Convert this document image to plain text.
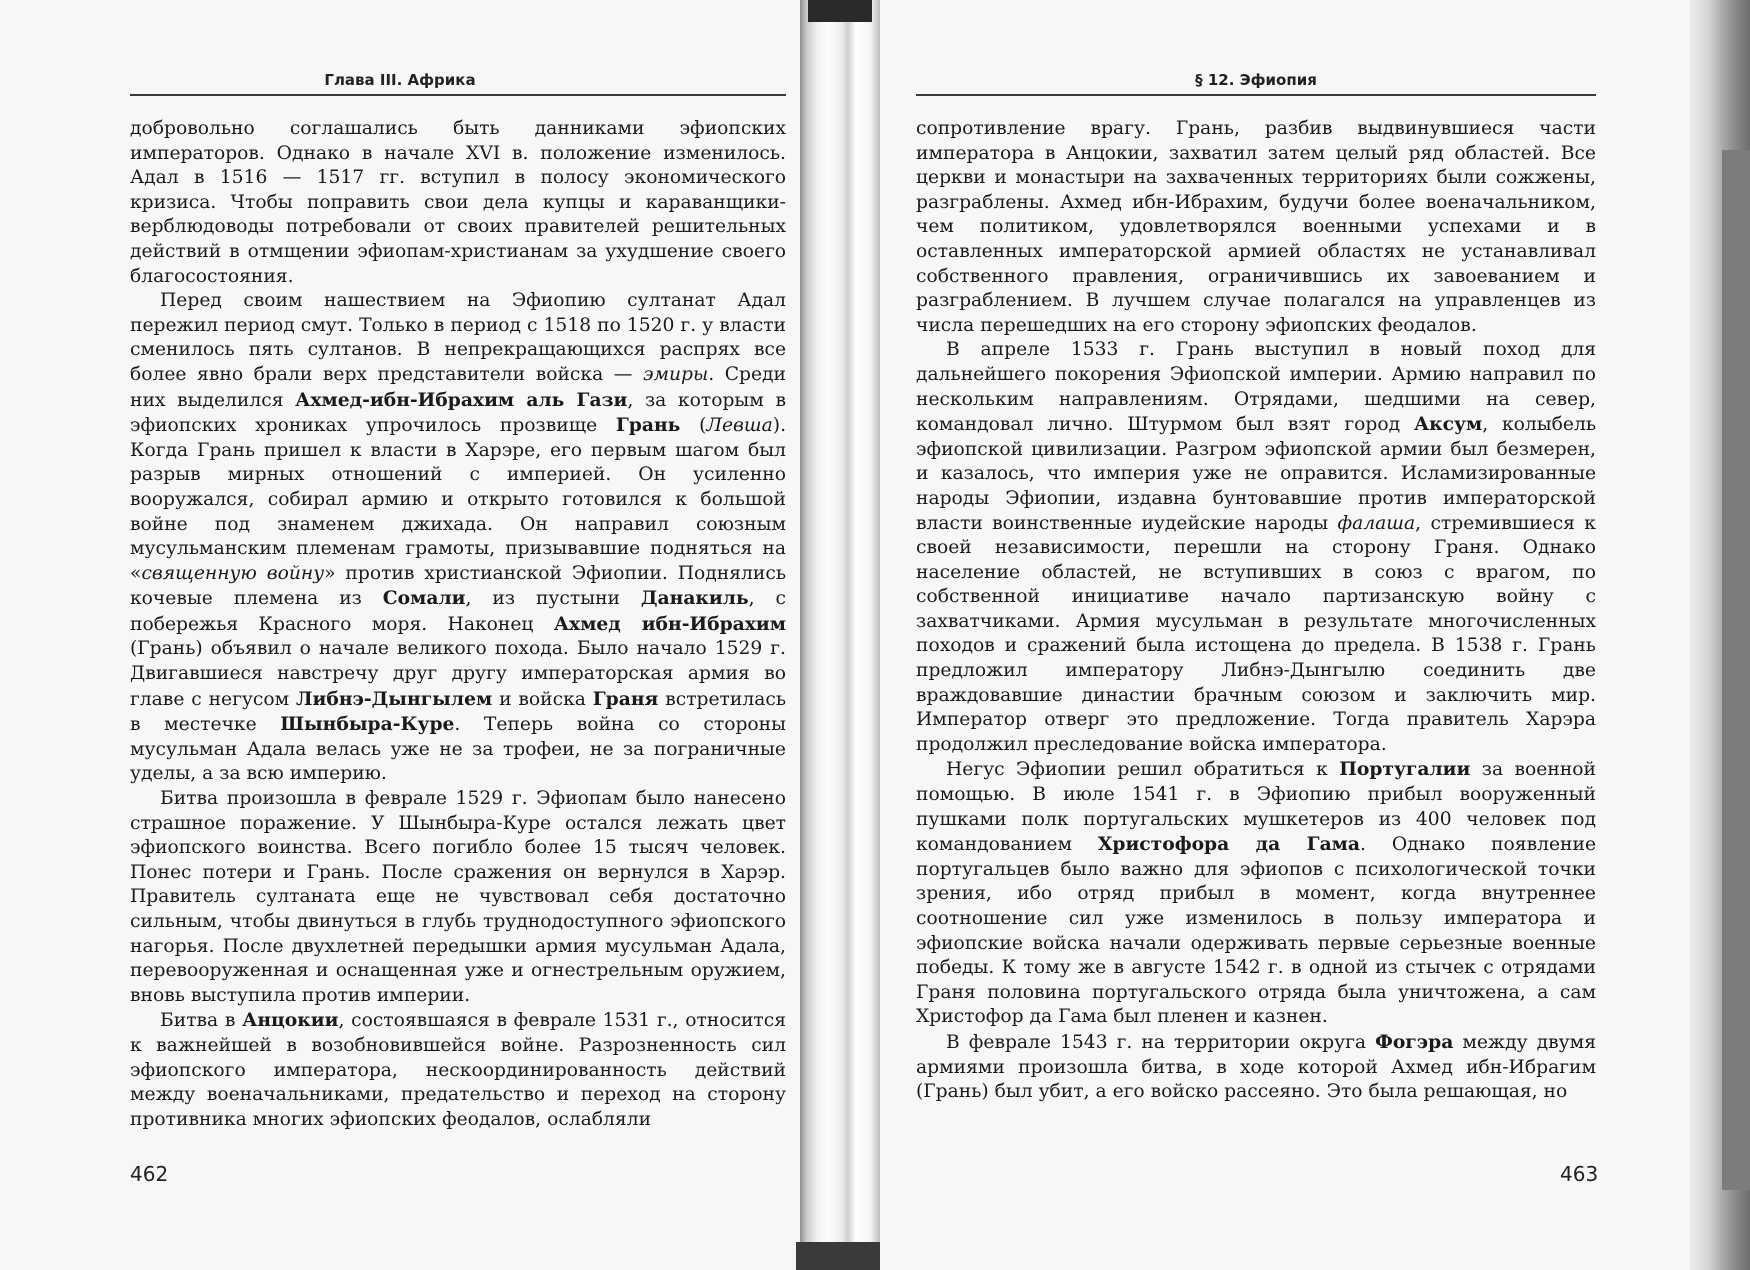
Глава III. Африка

добровольно соглашались быть данниками эфиопских императоров. Однако в начале XVI в. положение изменилось. Адал в 1516 — 1517 гг. вступил в полосу экономического кризиса. Чтобы поправить свои дела купцы и караванщики-верблюдоводы потребовали от своих правителей решительных действий в отмщении эфиопам-христианам за ухудшение своего благосостояния.

Перед своим нашествием на Эфиопию султанат Адал пережил период смут. Только в период с 1518 по 1520 г. у власти сменилось пять султанов. В непрекращающихся распрях все более явно брали верх представители войска — эмиры. Среди них выделился Ахмед-ибн-Ибрахим аль Гази, за которым в эфиопских хрониках упрочилось прозвище Грань (Левша). Когда Грань пришел к власти в Харэре, его первым шагом был разрыв мирных отношений с империей. Он усиленно вооружался, собирал армию и открыто готовился к большой войне под знаменем джихада. Он направил союзным мусульманским племенам грамоты, призывавшие подняться на «священную войну» против христианской Эфиопии. Поднялись кочевые племена из Сомали, из пустыни Данакиль, с побережья Красного моря. Наконец Ахмед ибн-Ибрахим (Грань) объявил о начале великого похода. Было начало 1529 г. Двигавшиеся навстречу друг другу императорская армия во главе с негусом Либнэ-Дынгылем и войска Граня встретилась в местечке Шынбыра-Куре. Теперь война со стороны мусульман Адала велась уже не за трофеи, не за пограничные уделы, а за всю империю.

Битва произошла в феврале 1529 г. Эфиопам было нанесено страшное поражение. У Шынбыра-Куре остался лежать цвет эфиопского воинства. Всего погибло более 15 тысяч человек. Понес потери и Грань. После сражения он вернулся в Харэр. Правитель султаната еще не чувствовал себя достаточно сильным, чтобы двинуться в глубь труднодоступного эфиопского нагорья. После двухлетней передышки армия мусульман Адала, перевооруженная и оснащенная уже и огнестрельным оружием, вновь выступила против империи.

Битва в Анцокии, состоявшаяся в феврале 1531 г., относится к важнейшей в возобновившейся войне. Разрозненность сил эфиопского императора, нескоординированность действий между военачальниками, предательство и переход на сторону противника многих эфиопских феодалов, ослабляли

462
§ 12. Эфиопия

сопротивление врагу. Грань, разбив выдвинувшиеся части императора в Анцокии, захватил затем целый ряд областей. Все церкви и монастыри на захваченных территориях были сожжены, разграблены. Ахмед ибн-Ибрахим, будучи более военачальником, чем политиком, удовлетворялся военными успехами и в оставленных императорской армией областях не устанавливал собственного правления, ограничившись их завоеванием и разграблением. В лучшем случае полагался на управленцев из числа перешедших на его сторону эфиопских феодалов.

В апреле 1533 г. Грань выступил в новый поход для дальнейшего покорения Эфиопской империи. Армию направил по нескольким направлениям. Отрядами, шедшими на север, командовал лично. Штурмом был взят город Аксум, колыбель эфиопской цивилизации. Разгром эфиопской армии был безмерен, и казалось, что империя уже не оправится. Исламизированные народы Эфиопии, издавна бунтовавшие против императорской власти воинственные иудейские народы фалаша, стремившиеся к своей независимости, перешли на сторону Граня. Однако население областей, не вступивших в союз с врагом, по собственной инициативе начало партизанскую войну с захватчиками. Армия мусульман в результате многочисленных походов и сражений была истощена до предела. В 1538 г. Грань предложил императору Либнэ-Дынгылю соединить две враждовавшие династии брачным союзом и заключить мир. Император отверг это предложение. Тогда правитель Харэра продолжил преследование войска императора.

Негус Эфиопии решил обратиться к Португалии за военной помощью. В июле 1541 г. в Эфиопию прибыл вооруженный пушками полк португальских мушкетеров из 400 человек под командованием Христофора да Гама. Однако появление португальцев было важно для эфиопов с психологической точки зрения, ибо отряд прибыл в момент, когда внутреннее соотношение сил уже изменилось в пользу императора и эфиопские войска начали одерживать первые серьезные военные победы. К тому же в августе 1542 г. в одной из стычек с отрядами Граня половина португальского отряда была уничтожена, а сам Христофор да Гама был пленен и казнен.

В феврале 1543 г. на территории округа Фогэра между двумя армиями произошла битва, в ходе которой Ахмед ибн-Ибрагим (Грань) был убит, а его войско рассеяно. Это была решающая, но

463
